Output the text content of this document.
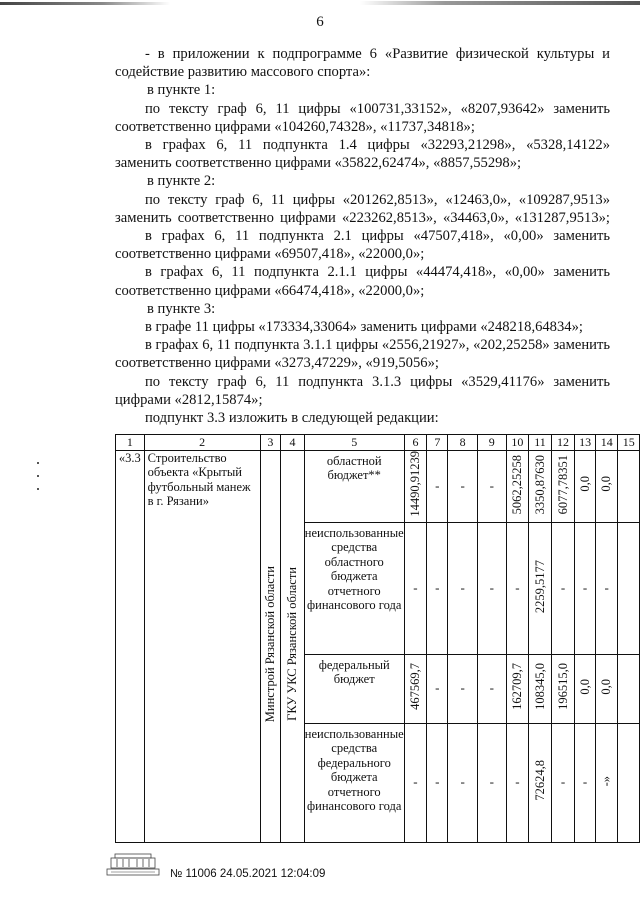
6

- в приложении к подпрограмме 6 «Развитие физической культуры и содействие развитию массового спорта»:

в пункте 1:

по тексту граф 6, 11 цифры «100731,33152», «8207,93642» заменить соответственно цифрами «104260,74328», «11737,34818»;

в графах 6, 11 подпункта 1.4 цифры «32293,21298», «5328,14122» заменить соответственно цифрами «35822,62474», «8857,55298»;

в пункте 2:

по тексту граф 6, 11 цифры «201262,8513», «12463,0», «109287,9513» заменить соответственно цифрами «223262,8513», «34463,0», «131287,9513»;

в графах 6, 11 подпункта 2.1 цифры «47507,418», «0,00» заменить соответственно цифрами «69507,418», «22000,0»;

в графах 6, 11 подпункта 2.1.1 цифры «44474,418», «0,00» заменить соответственно цифрами «66474,418», «22000,0»;

в пункте 3:

в графе 11 цифры «173334,33064» заменить цифрами «248218,64834»;

в графах 6, 11 подпункта 3.1.1 цифры «2556,21927», «202,25258» заменить соответственно цифрами «3273,47229», «919,5056»;

по тексту граф 6, 11 подпункта 3.1.3 цифры «3529,41176» заменить цифрами «2812,15874»;

подпункт 3.3 изложить в следующей редакции:

1	2	3	4	5	6	7	8	9	10	11	12	13	14	15
«3.3	Строительство объекта «Крытый футбольный манеж в г. Рязани»	Минстрой Рязанской области	ГКУ УКС Рязанской области	областной бюджет**	14490,91239	-	-	-	5062,25258	3350,87630	6077,78351	0,0	0,0	
				неиспользованные средства областного бюджета отчетного финансового года	-	-	-	-	-	2259,5177	-	-	-	
				федеральный бюджет	467569,7	-	-	-	162709,7	108345,0	196515,0	0,0	0,0	
				неиспользованные средства федерального бюджета отчетного финансового года	-	-	-	-	-	72624,8	-	-	-»	
№ 11006 24.05.2021 12:04:09
